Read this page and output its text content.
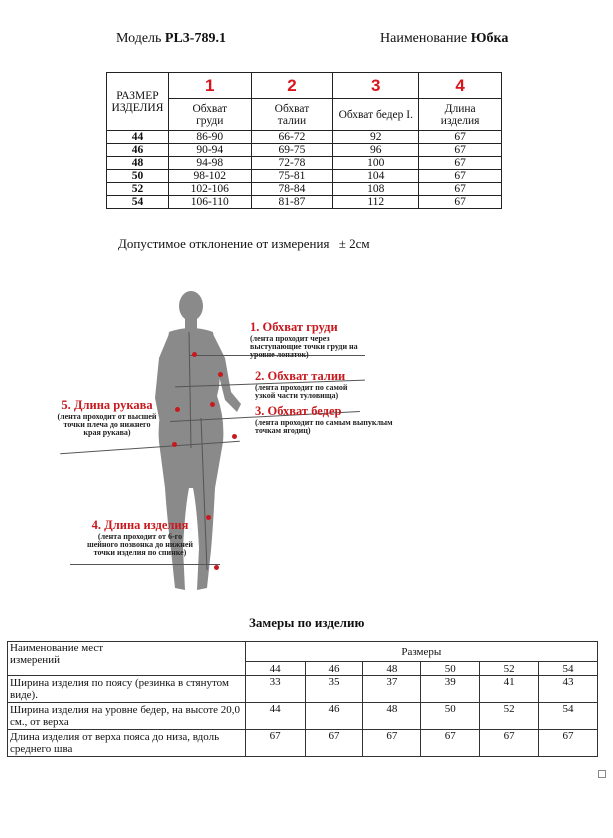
Модель PL3-789.1	Наименование Юбка
РАЗМЕР
ИЗДЕЛИЯ	1	2	3	4

	Обхват груди	Обхват талии	Обхват бедер I.	Длина изделия

44	86-90	66-72	92	67
46	90-94	69-75	96	67
48	94-98	72-78	100	67
50	98-102	75-81	104	67
52	102-106	78-84	108	67
54	106-110	81-87	112	67
Допустимое отклонение от измерения ± 2см
1. Обхват груди
(лента проходит через выступающие точки груди на уровне лопаток)
2. Обхват талии
(лента проходит по самой узкой части туловища)
3. Обхват бедер
(лента проходит по самым выпуклым точкам ягодиц)
5. Длина рукава
(лента проходит от высшей точки плеча до нижнего края рукава)
4. Длина изделия
(лента проходит от 6-го шейного позвонка до нижней точки изделия по спинке)
Замеры по изделию
Наименование мест измерений	Размеры					
	44	46	48	50	52	54
Ширина изделия по поясу (резинка в стянутом виде).	33	35	37	39	41	43
Ширина изделия на уровне бедер, на высоте 20,0 см., от верха	44	46	48	50	52	54
Длина изделия от верха пояса до низа, вдоль среднего шва	67	67	67	67	67	67
